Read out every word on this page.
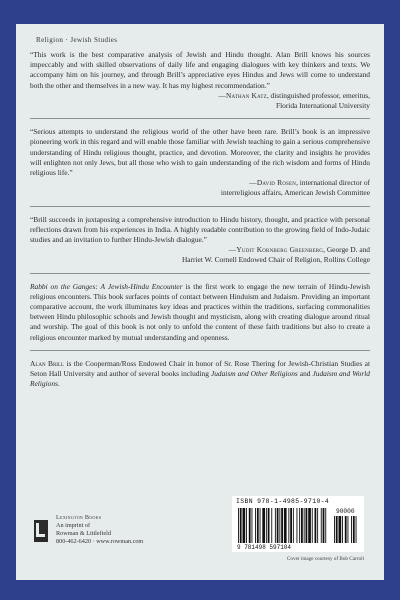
Religion · Jewish Studies

“This work is the best comparative analysis of Jewish and Hindu thought. Alan Brill knows his sources impeccably and with skilled observations of daily life and engaging dialogues with key thinkers and texts. We accompany him on his journey, and through Brill’s appreciative eyes Hindus and Jews will come to understand both the other and themselves in a new way. It has my highest recommendation.”

—Nathan Katz, distinguished professor, emeritus,
Florida International University

“Serious attempts to understand the religious world of the other have been rare. Brill’s book is an impressive pioneering work in this regard and will enable those familiar with Jewish teaching to gain a serious comprehensive understanding of Hindu religious thought, practice, and devotion. Moreover, the clarity and insights he provides will enlighten not only Jews, but all those who wish to gain understanding of the rich wisdom and forms of Hindu religious life.”

—David Rosen, international director of
interreligious affairs, American Jewish Committee

“Brill succeeds in juxtaposing a comprehensive introduction to Hindu history, thought, and practice with personal reflections drawn from his experiences in India. A highly readable contribution to the growing field of Indo-Judaic studies and an invitation to further Hindu-Jewish dialogue.”

—Yudit Kornberg Greenberg, George D. and
Harriet W. Cornell Endowed Chair of Religion, Rollins College

Rabbi on the Ganges: A Jewish-Hindu Encounter is the first work to engage the new terrain of Hindu-Jewish religious encounters. This book surfaces points of contact between Hinduism and Judaism. Providing an important comparative account, the work illuminates key ideas and practices within the traditions, surfacing commonalities between Hindu philosophic schools and Jewish thought and mysticism, along with creating dialogue around ritual and worship. The goal of this book is not only to unfold the content of these faith traditions but also to create a religious encounter marked by mutual understanding and openness.

Alan Brill is the Cooperman/Ross Endowed Chair in honor of Sr. Rose Thering for Jewish-Christian Studies at Seton Hall University and author of several books including Judaism and Other Religions and Judaism and World Religions.

Lexington Books
An imprint of
Rowman & Littlefield
800-462-6420 · www.rowman.com
ISBN 978-1-4985-9710-4
90000
9 781498 597104
Cover image courtesy of Bob Carroll
